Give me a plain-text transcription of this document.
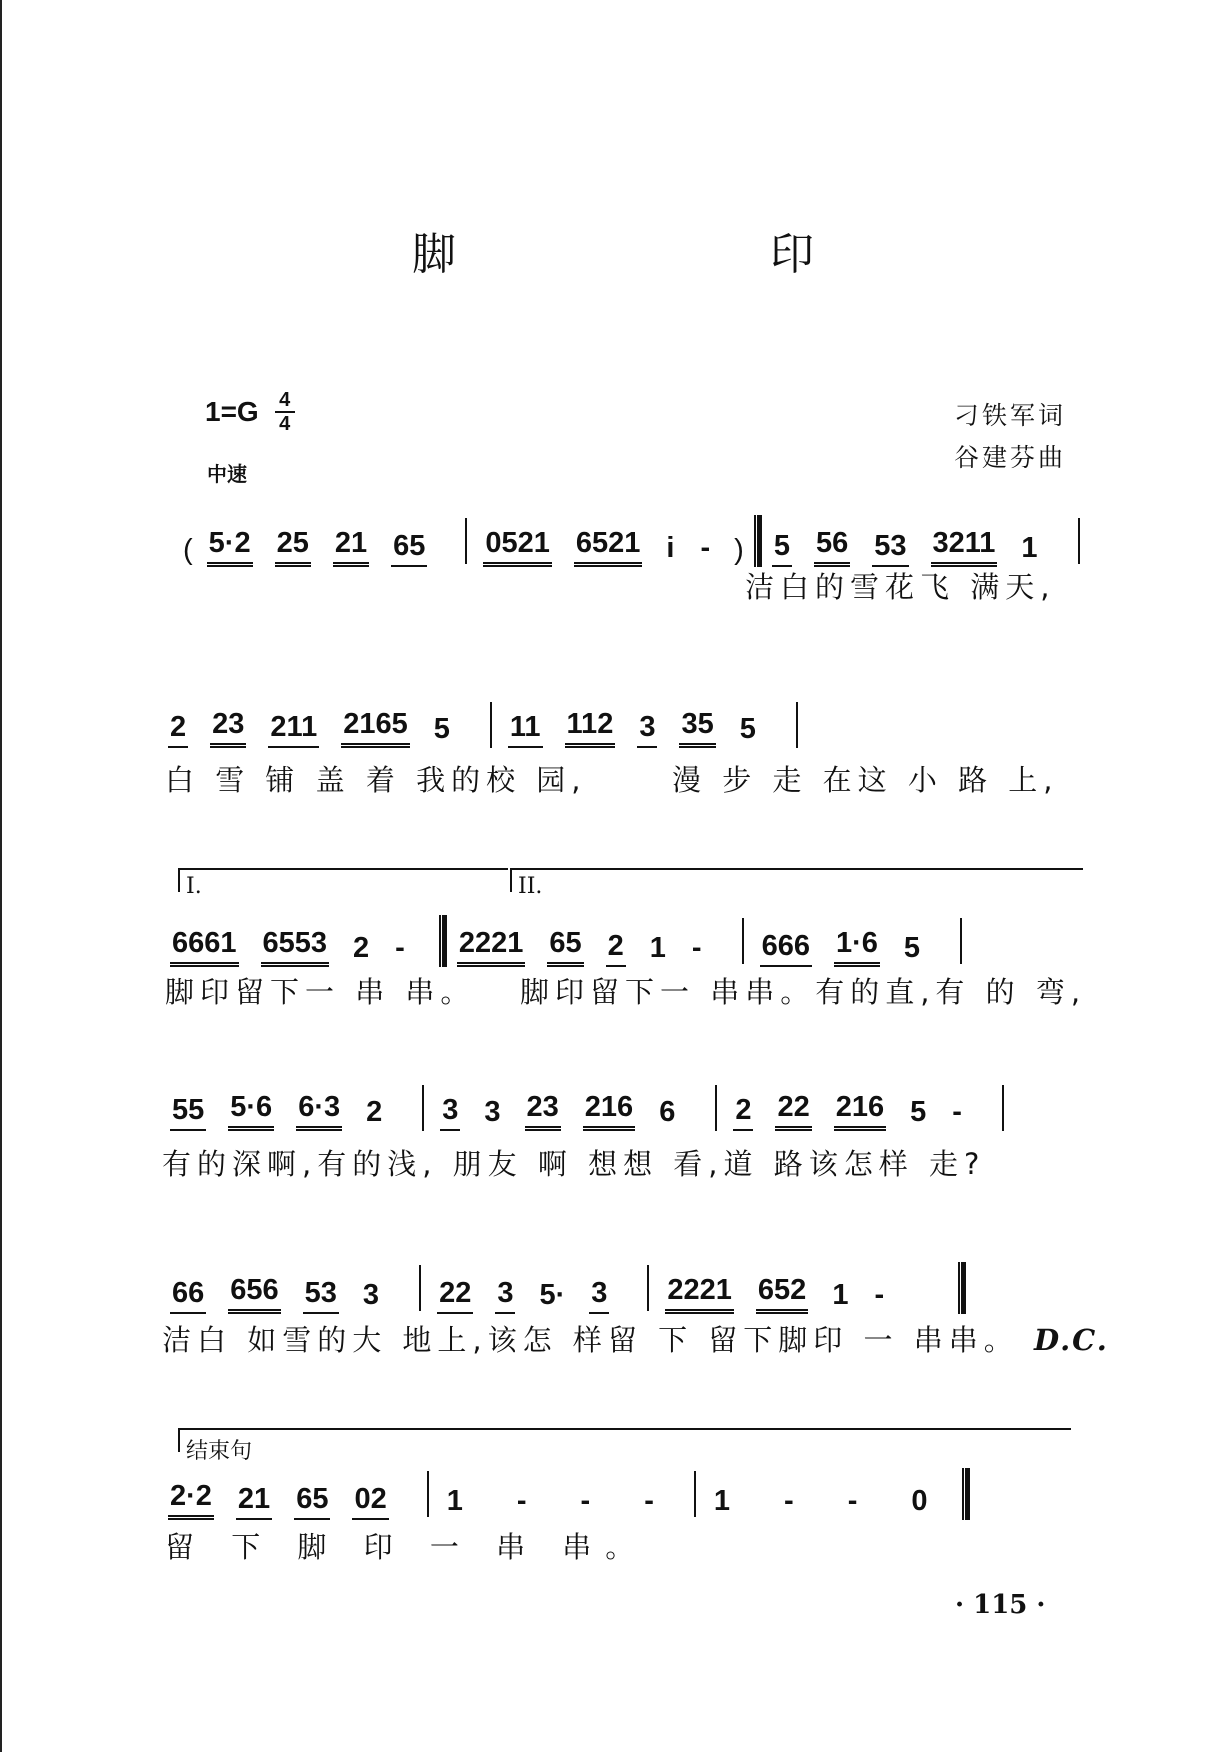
脚 印
$1=G \frac{4}{4}$
中速
刁铁军词
谷建芬曲
( 5·2 25 21 65 0521 6521 i - ) 5 56 53 3211 1
洁白的雪花飞 满天,
2 23 211 2165 5 11 112 3 35 5
白 雪 铺 盖 着 我的校 园,	漫 步 走 在这 小 路 上,
I.	II.
6661 6553 2 - 2221 65 2 1 - 666 1·6 5
脚印留下一 串 串。 脚印留下一 串串。有的直,有 的 弯,
55 5·6 6·3 2 3 3 23 216 6 2 22 216 5 -
有的深啊,有的浅, 朋友 啊 想想 看,道 路该怎样 走?
66 656 53 3 22 3 5· 3 2221 652 1 -
洁白 如雪的大 地上,该怎 样留 下 留下脚印 一 串串。 D.C.
结束句
2·2 21 65 02 1 - - - 1 - - 0
留 下 脚 印 一 串 串。
· 115 ·
